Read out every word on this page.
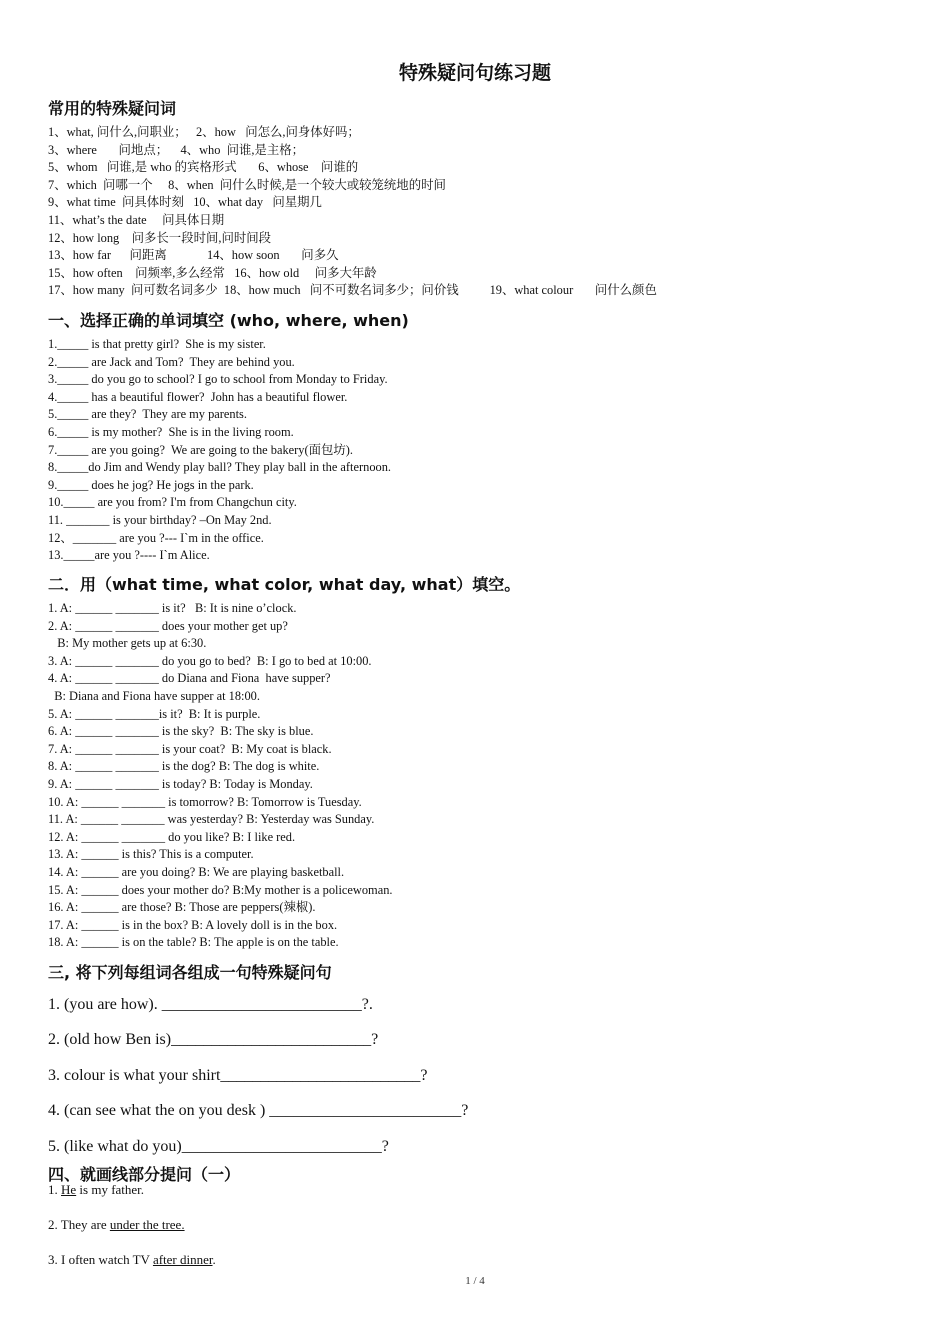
特殊疑问句练习题
常用的特殊疑问词
1、what, 问什么,问职业；   2、how   问怎么,问身体好吗；
3、where       问地点；    4、who  问谁,是主格；
5、whom   问谁,是 who 的宾格形式       6、whose    问谁的
7、which  问哪一个     8、when  问什么时候,是一个较大或较笼统地的时间
9、what time  问具体时刻   10、what day   问星期几
11、what’s the date     问具体日期
12、how long    问多长一段时间,问时间段
13、how far      问距离             14、how soon       问多久
15、how often    问频率,多么经常   16、how old     问多大年龄
17、how many  问可数名词多少  18、how much   问不可数名词多少；问价钱          19、what colour       问什么颜色
一、选择正确的单词填空 (who, where, when)
1._____ is that pretty girl?  She is my sister.
2._____ are Jack and Tom?  They are behind you.
3._____ do you go to school? I go to school from Monday to Friday.
4._____ has a beautiful flower?  John has a beautiful flower.
5._____ are they?  They are my parents.
6._____ is my mother?  She is in the living room.
7._____ are you going?  We are going to the bakery(面包坊).
8._____do Jim and Wendy play ball? They play ball in the afternoon.
9._____ does he jog? He jogs in the park.
10._____ are you from? I'm from Changchun city.
11. _______ is your birthday? –On May 2nd.
12、_______ are you ?--- I`m in the office.
13._____are you ?---- I`m Alice.
二．用（what time, what color, what day, what）填空。
1. A: ______ _______ is it?   B: It is nine o’clock.
2. A: ______ _______ does your mother get up?
B: My mother gets up at 6:30.
3. A: ______ _______ do you go to bed?  B: I go to bed at 10:00.
4. A: ______ _______ do Diana and Fiona  have supper?
B: Diana and Fiona have supper at 18:00.
5. A: ______ _______is it?  B: It is purple.
6. A: ______ _______ is the sky?  B: The sky is blue.
7. A: ______ _______ is your coat?  B: My coat is black.
8. A: ______ _______ is the dog? B: The dog is white.
9. A: ______ _______ is today? B: Today is Monday.
10. A: ______ _______ is tomorrow? B: Tomorrow is Tuesday.
11. A: ______ _______ was yesterday? B: Yesterday was Sunday.
12. A: ______ _______ do you like? B: I like red.
13. A: ______ is this? This is a computer.
14. A: ______ are you doing? B: We are playing basketball.
15. A: ______ does your mother do? B:My mother is a policewoman.
16. A: ______ are those? B: Those are peppers(辣椒).
17. A: ______ is in the box? B: A lovely doll is in the box.
18. A: ______ is on the table? B: The apple is on the table.
三, 将下列每组词各组成一句特殊疑问句
1. (you are how). _________________________?.
2. (old how Ben is)_________________________?
3. colour is what your shirt_________________________?
4. (can see what the on you desk ) ________________________?
5. (like what do you)_________________________?
四、就画线部分提问（一）
1. He is my father.
2. They are under the tree.
3. I often watch TV after dinner.
1 / 4
